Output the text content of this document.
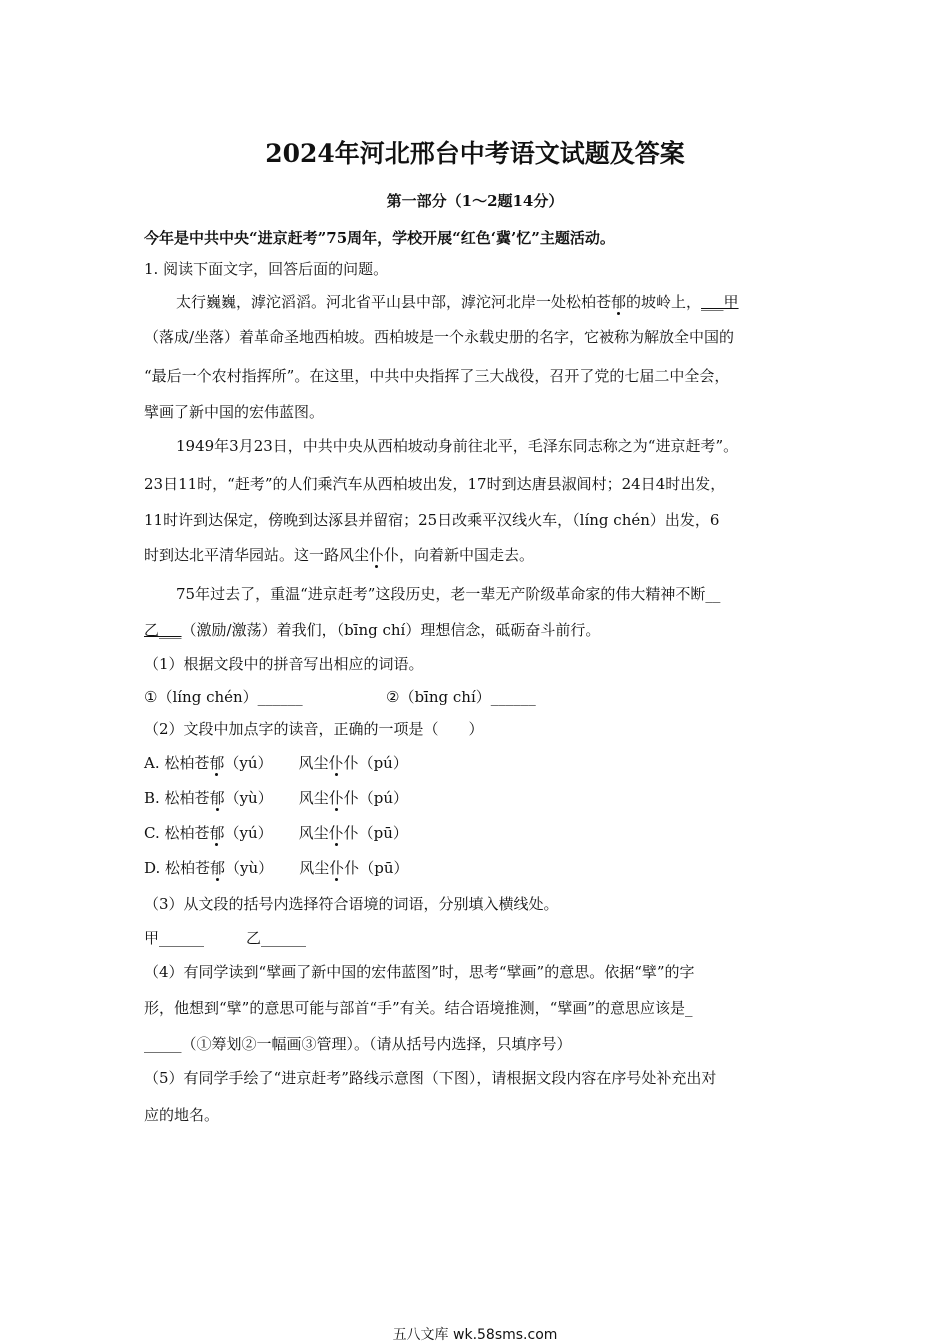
2024年河北邢台中考语文试题及答案
第一部分（1～2题14分）
今年是中共中央“进京赶考”75周年，学校开展“红色‘冀’忆”主题活动。
1. 阅读下面文字，回答后面的问题。
太行巍巍，滹沱滔滔。河北省平山县中部，滹沱河北岸一处松柏苍郁的坡岭上，___甲
（落成/坐落）着革命圣地西柏坡。西柏坡是一个永载史册的名字，它被称为解放全中国的
“最后一个农村指挥所”。在这里，中共中央指挥了三大战役，召开了党的七届二中全会，
擘画了新中国的宏伟蓝图。
1949年3月23日，中共中央从西柏坡动身前往北平，毛泽东同志称之为“进京赶考”。
23日11时，“赶考”的人们乘汽车从西柏坡出发，17时到达唐县淑闾村；24日4时出发，
11时许到达保定，傍晚到达涿县并留宿；25日改乘平汉线火车，（líng chén）出发，6
时到达北平清华园站。这一路风尘仆仆，向着新中国走去。
75年过去了，重温“进京赶考”这段历史，老一辈无产阶级革命家的伟大精神不断__
乙___（激励/激荡）着我们，（bīng chí）理想信念，砥砺奋斗前行。
（1）根据文段中的拼音写出相应的词语。
①（líng chén）______	②（bīng chí）______
（2）文段中加点字的读音，正确的一项是（　　）
A. 松柏苍郁（yú） 风尘仆仆（pú）
B. 松柏苍郁（yù） 风尘仆仆（pú）
C. 松柏苍郁（yú） 风尘仆仆（pū）
D. 松柏苍郁（yù） 风尘仆仆（pū）
（3）从文段的括号内选择符合语境的词语，分别填入横线处。
甲______	乙______
（4）有同学读到“擘画了新中国的宏伟蓝图”时，思考“擘画”的意思。依据“擘”的字
形，他想到“擘”的意思可能与部首“手”有关。结合语境推测，“擘画”的意思应该是_
_____（①筹划②一幅画③管理）。（请从括号内选择，只填序号）
（5）有同学手绘了“进京赶考”路线示意图（下图），请根据文段内容在序号处补充出对
应的地名。
五八文库 wk.58sms.com
